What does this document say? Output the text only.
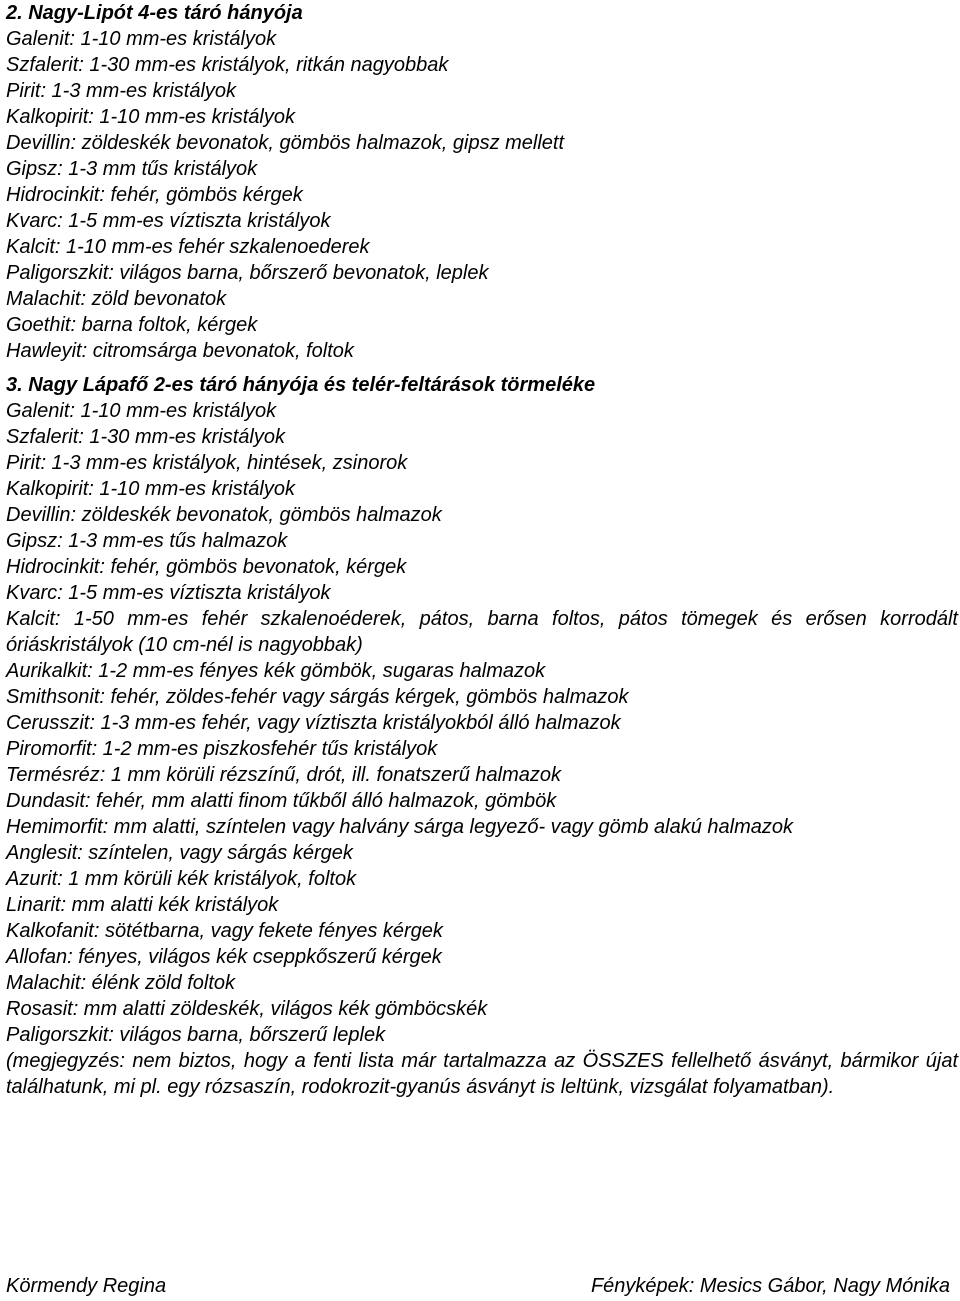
2. Nagy-Lipót 4-es táró hányója
Galenit: 1-10 mm-es kristályok
Szfalerit: 1-30 mm-es kristályok, ritkán nagyobbak
Pirit: 1-3 mm-es kristályok
Kalkopirit: 1-10 mm-es kristályok
Devillin: zöldeskék bevonatok, gömbös halmazok, gipsz mellett
Gipsz: 1-3 mm tűs kristályok
Hidrocinkit: fehér, gömbös kérgek
Kvarc: 1-5 mm-es víztiszta kristályok
Kalcit: 1-10 mm-es fehér szkalenoederek
Paligorszkit: világos barna, bőrszerő bevonatok, leplek
Malachit: zöld bevonatok
Goethit: barna foltok, kérgek
Hawleyit: citromsárga bevonatok, foltok
3. Nagy Lápafő 2-es táró hányója és telér-feltárások törmeléke
Galenit: 1-10 mm-es kristályok
Szfalerit: 1-30 mm-es kristályok
Pirit: 1-3 mm-es kristályok, hintések, zsinorok
Kalkopirit: 1-10 mm-es kristályok
Devillin: zöldeskék bevonatok, gömbös halmazok
Gipsz: 1-3 mm-es tűs halmazok
Hidrocinkit: fehér, gömbös bevonatok, kérgek
Kvarc: 1-5 mm-es víztiszta kristályok
Kalcit: 1-50 mm-es fehér szkalenoéderek, pátos, barna foltos, pátos tömegek és erősen korrodált óriáskristályok (10 cm-nél is nagyobbak)
Aurikalkit: 1-2 mm-es fényes kék gömbök, sugaras halmazok
Smithsonit: fehér, zöldes-fehér vagy sárgás kérgek, gömbös halmazok
Cerusszit: 1-3 mm-es fehér, vagy víztiszta kristályokból álló halmazok
Piromorfit: 1-2 mm-es piszkosfehér tűs kristályok
Termésréz: 1 mm körüli rézszínű, drót, ill. fonatszerű halmazok
Dundasit: fehér, mm alatti finom tűkből álló halmazok, gömbök
Hemimorfit: mm alatti, színtelen vagy halvány sárga legyező- vagy gömb alakú halmazok
Anglesit: színtelen, vagy sárgás kérgek
Azurit: 1 mm körüli kék kristályok, foltok
Linarit: mm alatti kék kristályok
Kalkofanit: sötétbarna, vagy fekete fényes kérgek
Allofan: fényes, világos kék cseppkőszerű kérgek
Malachit: élénk zöld foltok
Rosasit: mm alatti zöldeskék, világos kék gömböcskék
Paligorszkit: világos barna, bőrszerű leplek
(megjegyzés: nem biztos, hogy a fenti lista már tartalmazza az ÖSSZES fellelhető ásványt, bármikor újat találhatunk, mi pl. egy rózsaszín, rodokrozit-gyanús ásványt is leltünk, vizsgálat folyamatban).
Körmendy Regina	Fényképek: Mesics Gábor, Nagy Mónika
